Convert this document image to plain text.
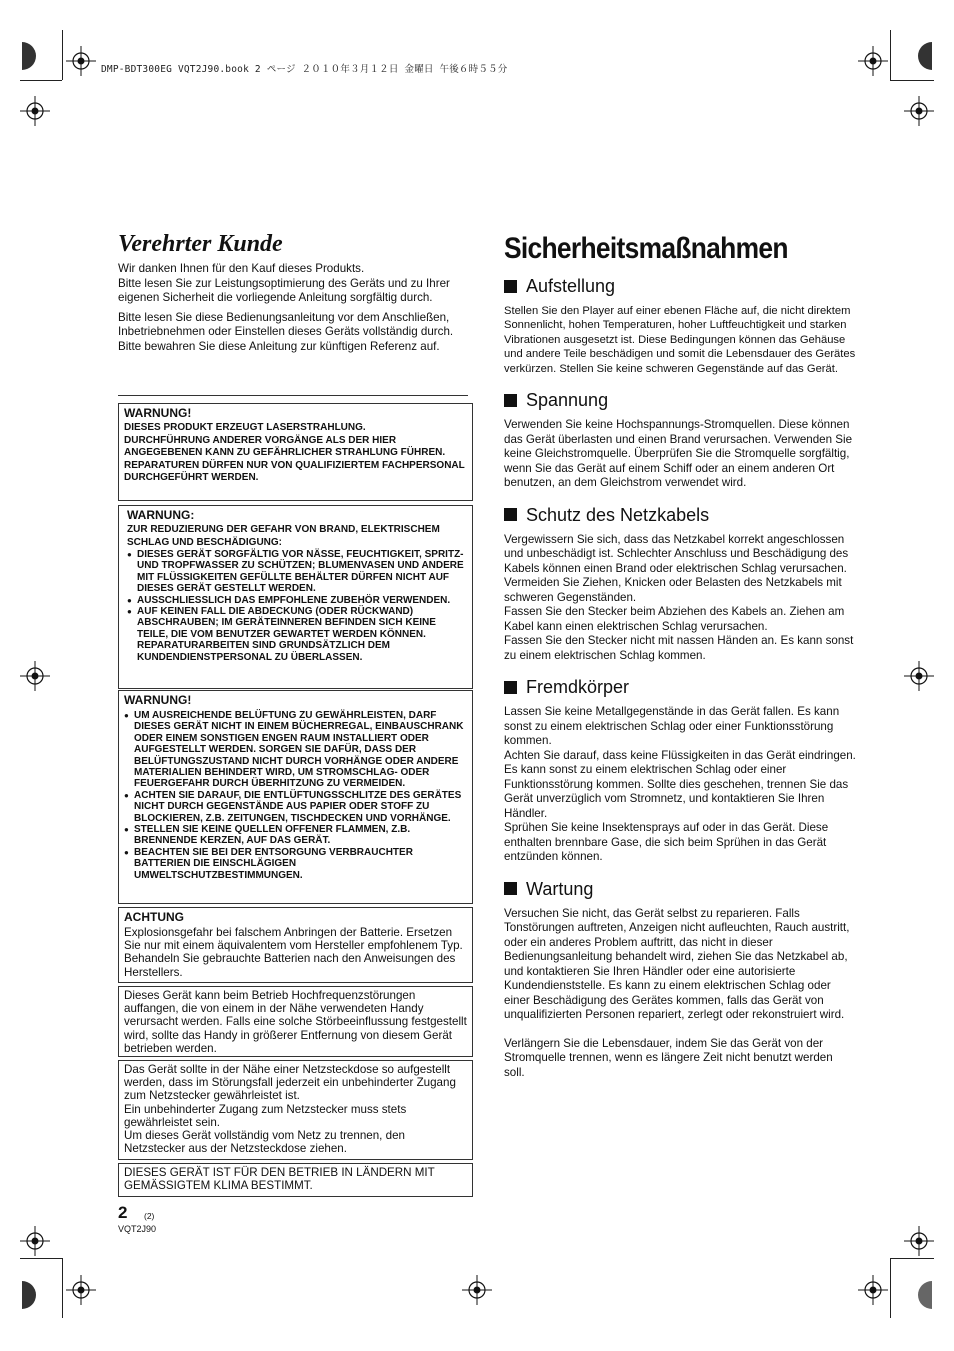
DMP-BDT300EG VQT2J90.book 2 ページ ２０１０年３月１２日 金曜日 午後６時５５分
Verehrter Kunde

Wir danken Ihnen für den Kauf dieses Produkts.
Bitte lesen Sie zur Leistungsoptimierung des Geräts und zu Ihrer eigenen Sicherheit die vorliegende Anleitung sorgfältig durch.

Bitte lesen Sie diese Bedienungsanleitung vor dem Anschließen, Inbetriebnehmen oder Einstellen dieses Geräts vollständig durch. Bitte bewahren Sie diese Anleitung zur künftigen Referenz auf.

WARNUNG!
DIESES PRODUKT ERZEUGT LASERSTRAHLUNG.
DURCHFÜHRUNG ANDERER VORGÄNGE ALS DER HIER ANGEGEBENEN KANN ZU GEFÄHRLICHER STRAHLUNG FÜHREN.
REPARATUREN DÜRFEN NUR VON QUALIFIZIERTEM FACHPERSONAL DURCHGEFÜHRT WERDEN.
WARNUNG:
ZUR REDUZIERUNG DER GEFAHR VON BRAND, ELEKTRISCHEM SCHLAG UND BESCHÄDIGUNG:
● DIESES GERÄT SORGFÄLTIG VOR NÄSSE, FEUCHTIGKEIT, SPRITZ- UND TROPFWASSER ZU SCHÜTZEN; BLUMENVASEN UND ANDERE MIT FLÜSSIGKEITEN GEFÜLLTE BEHÄLTER DÜRFEN NICHT AUF DIESES GERÄT GESTELLT WERDEN.
● AUSSCHLIESSLICH DAS EMPFOHLENE ZUBEHÖR VERWENDEN.
● AUF KEINEN FALL DIE ABDECKUNG (ODER RÜCKWAND) ABSCHRAUBEN; IM GERÄTEINNEREN BEFINDEN SICH KEINE TEILE, DIE VOM BENUTZER GEWARTET WERDEN KÖNNEN. REPARATURARBEITEN SIND GRUNDSÄTZLICH DEM KUNDENDIENSTPERSONAL ZU ÜBERLASSEN.
WARNUNG!
● UM AUSREICHENDE BELÜFTUNG ZU GEWÄHRLEISTEN, DARF DIESES GERÄT NICHT IN EINEM BÜCHERREGAL, EINBAUSCHRANK ODER EINEM SONSTIGEN ENGEN RAUM INSTALLIERT ODER AUFGESTELLT WERDEN. SORGEN SIE DAFÜR, DASS DER BELÜFTUNGSZUSTAND NICHT DURCH VORHÄNGE ODER ANDERE MATERIALIEN BEHINDERT WIRD, UM STROMSCHLAG- ODER FEUERGEFAHR DURCH ÜBERHITZUNG ZU VERMEIDEN.
● ACHTEN SIE DARAUF, DIE ENTLÜFTUNGSSCHLITZE DES GERÄTES NICHT DURCH GEGENSTÄNDE AUS PAPIER ODER STOFF ZU BLOCKIEREN, Z.B. ZEITUNGEN, TISCHDECKEN UND VORHÄNGE.
● STELLEN SIE KEINE QUELLEN OFFENER FLAMMEN, Z.B. BRENNENDE KERZEN, AUF DAS GERÄT.
● BEACHTEN SIE BEI DER ENTSORGUNG VERBRAUCHTER BATTERIEN DIE EINSCHLÄGIGEN UMWELTSCHUTZBESTIMMUNGEN.
ACHTUNG
Explosionsgefahr bei falschem Anbringen der Batterie. Ersetzen Sie nur mit einem äquivalentem vom Hersteller empfohlenem Typ. Behandeln Sie gebrauchte Batterien nach den Anweisungen des Herstellers.
Dieses Gerät kann beim Betrieb Hochfrequenzstörungen auffangen, die von einem in der Nähe verwendeten Handy verursacht werden. Falls eine solche Störbeeinflussung festgestellt wird, sollte das Handy in größerer Entfernung von diesem Gerät betrieben werden.
Das Gerät sollte in der Nähe einer Netzsteckdose so aufgestellt werden, dass im Störungsfall jederzeit ein unbehinderter Zugang zum Netzstecker gewährleistet ist.
Ein unbehinderter Zugang zum Netzstecker muss stets gewährleistet sein.
Um dieses Gerät vollständig vom Netz zu trennen, den Netzstecker aus der Netzsteckdose ziehen.
DIESES GERÄT IST FÜR DEN BETRIEB IN LÄNDERN MIT GEMÄSSIGTEM KLIMA BESTIMMT.
2 (2)
VQT2J90
Sicherheitsmaßnahmen
Aufstellung
Stellen Sie den Player auf einer ebenen Fläche auf, die nicht direktem Sonnenlicht, hohen Temperaturen, hoher Luftfeuchtigkeit und starken Vibrationen ausgesetzt ist. Diese Bedingungen können das Gehäuse und andere Teile beschädigen und somit die Lebensdauer des Gerätes verkürzen. Stellen Sie keine schweren Gegenstände auf das Gerät.
Spannung
Verwenden Sie keine Hochspannungs-Stromquellen. Diese können das Gerät überlasten und einen Brand verursachen. Verwenden Sie keine Gleichstromquelle. Überprüfen Sie die Stromquelle sorgfältig, wenn Sie das Gerät auf einem Schiff oder an einem anderen Ort benutzen, an dem Gleichstrom verwendet wird.
Schutz des Netzkabels
Vergewissern Sie sich, dass das Netzkabel korrekt angeschlossen und unbeschädigt ist. Schlechter Anschluss und Beschädigung des Kabels können einen Brand oder elektrischen Schlag verursachen. Vermeiden Sie Ziehen, Knicken oder Belasten des Netzkabels mit schweren Gegenständen.
Fassen Sie den Stecker beim Abziehen des Kabels an. Ziehen am Kabel kann einen elektrischen Schlag verursachen.
Fassen Sie den Stecker nicht mit nassen Händen an. Es kann sonst zu einem elektrischen Schlag kommen.
Fremdkörper
Lassen Sie keine Metallgegenstände in das Gerät fallen. Es kann sonst zu einem elektrischen Schlag oder einer Funktionsstörung kommen.
Achten Sie darauf, dass keine Flüssigkeiten in das Gerät eindringen. Es kann sonst zu einem elektrischen Schlag oder einer Funktionsstörung kommen. Sollte dies geschehen, trennen Sie das Gerät unverzüglich vom Stromnetz, und kontaktieren Sie Ihren Händler.
Sprühen Sie keine Insektensprays auf oder in das Gerät. Diese enthalten brennbare Gase, die sich beim Sprühen in das Gerät entzünden können.
Wartung
Versuchen Sie nicht, das Gerät selbst zu reparieren. Falls Tonstörungen auftreten, Anzeigen nicht aufleuchten, Rauch austritt, oder ein anderes Problem auftritt, das nicht in dieser Bedienungsanleitung behandelt wird, ziehen Sie das Netzkabel ab, und kontaktieren Sie Ihren Händler oder eine autorisierte Kundendienststelle. Es kann zu einem elektrischen Schlag oder einer Beschädigung des Gerätes kommen, falls das Gerät von unqualifizierten Personen repariert, zerlegt oder rekonstruiert wird.
Verlängern Sie die Lebensdauer, indem Sie das Gerät von der Stromquelle trennen, wenn es längere Zeit nicht benutzt werden soll.
